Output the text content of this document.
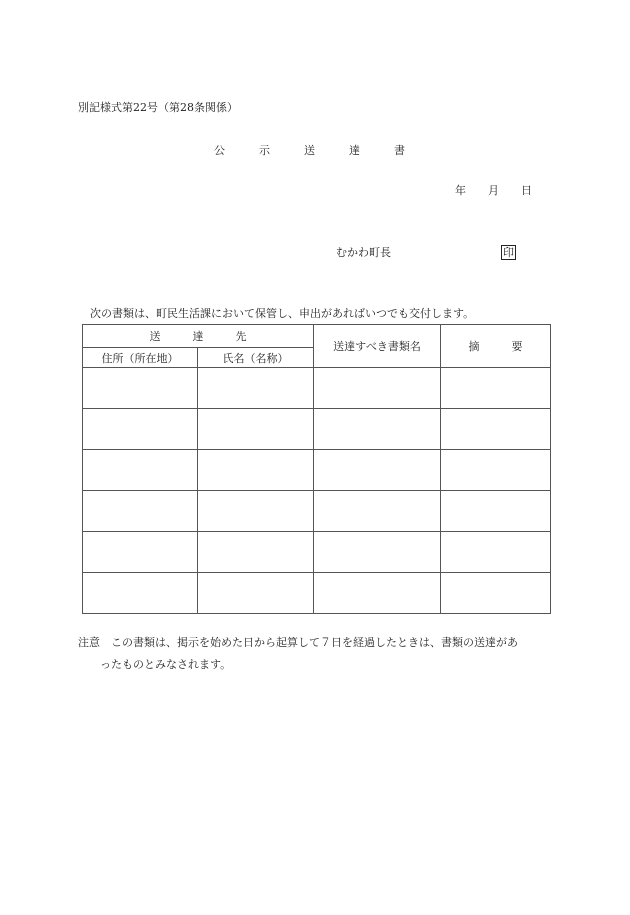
別記様式第22号（第28条関係）
公	示	送	達	書
年 月 日
むかわ町長	印
次の書類は、町民生活課において保管し、申出があればいつでも交付します。
送 達 先		送達すべき書類名	摘 要
住所（所在地）	氏名（名称）		

注意　この書類は、掲示を始めた日から起算して７日を経過したときは、書類の送達があ
ったものとみなされます。
